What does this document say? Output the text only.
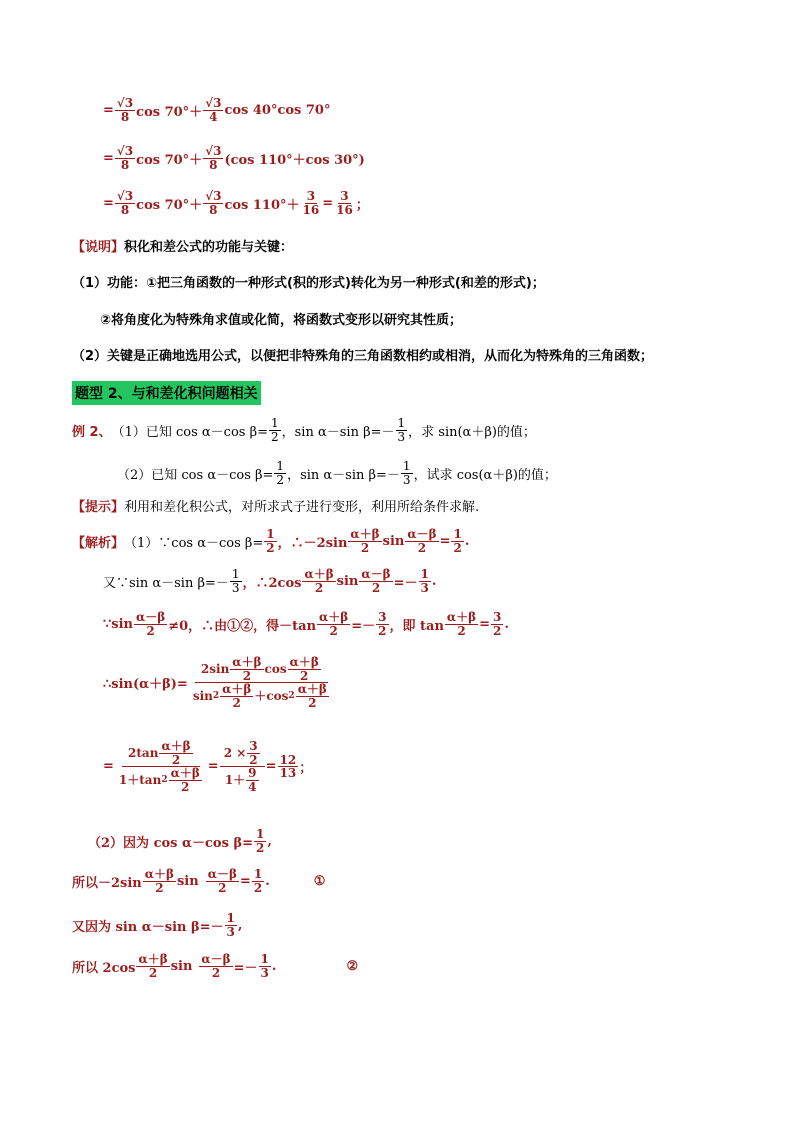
= $\frac{√3}{8}$ cos 70°＋
√3
4 cos 40°cos 70°
= $\frac{√3}{8}$ cos 70°＋
√3
8 (cos 110°＋cos 30°)
= $\frac{√3}{8}$ cos 70°＋
√3
8 $\cos 110^\circ+ \frac{3}{16} = \frac{3}{16}$ ；
【说明】 积化和差公式的功能与关键：
（1）功能：①把三角函数的一种形式(积的形式)转化为另一种形式(和差的形式)；
②将角度化为特殊角求值或化简，将函数式变形以研究其性质；
（2）关键是正确地选用公式，以便把非特殊角的三角函数相约或相消，从而化为特殊角的三角函数；
题型 2、与和差化积问题相关
例 2、 （1）已知 cos α－cos $\beta= \frac{1}{2}$ ，sin α－sin β=－
1
3 ，求 sin(α＋β)的值；
（2）已知 cos α－cos $\beta= \frac{1}{2}$ ，sin α－sin β=－
1
3 ，试求 cos(α＋β)的值；
【提示】 利用和差化积公式，对所求式子进行变形，利用所给条件求解.
【解析】 （1）∵cos α－cos $\beta= \frac{1}{2}$ ，∴－2sin
α＋β
2 $\sin \frac{\alpha-\beta}{2} = \frac{1}{2}$ .
又∵sin α－sin β=－
1
3 ，∴2cos
α＋β
2 $\sin \frac{\alpha-\beta}{2}$ =－
1
3 .
∵sin α－β
2 ≠0，∴由①②，得$-\tan \frac{\alpha+\beta}{2}$ =－
3
2 ，即 $\tan \frac{\alpha+\beta}{2} = \frac{3}{2}$ .
∴sin(α＋β)= 2sin α＋β
2 cos α＋β
2
sin 2 α＋β
2 ＋cos 2 α＋β
2
= 2tan α＋β
2
1＋tan 2 α＋β
$2 = 2 \times \frac{3}{2}$
1＋ 9
$4 = \frac{12}{13}$ ；
（2）因为 cos α－cos $\beta= \frac{1}{2}$ ,
所以－2sin
α＋β
2 $\sin \frac{\alpha-\beta}{2} = \frac{1}{2}$ .	①
又因为 sin α－sin β=－
1
3 ,
所以 2cos
α＋β
2 $\sin \frac{\alpha-\beta}{2}$ =－
1
3 .	②
